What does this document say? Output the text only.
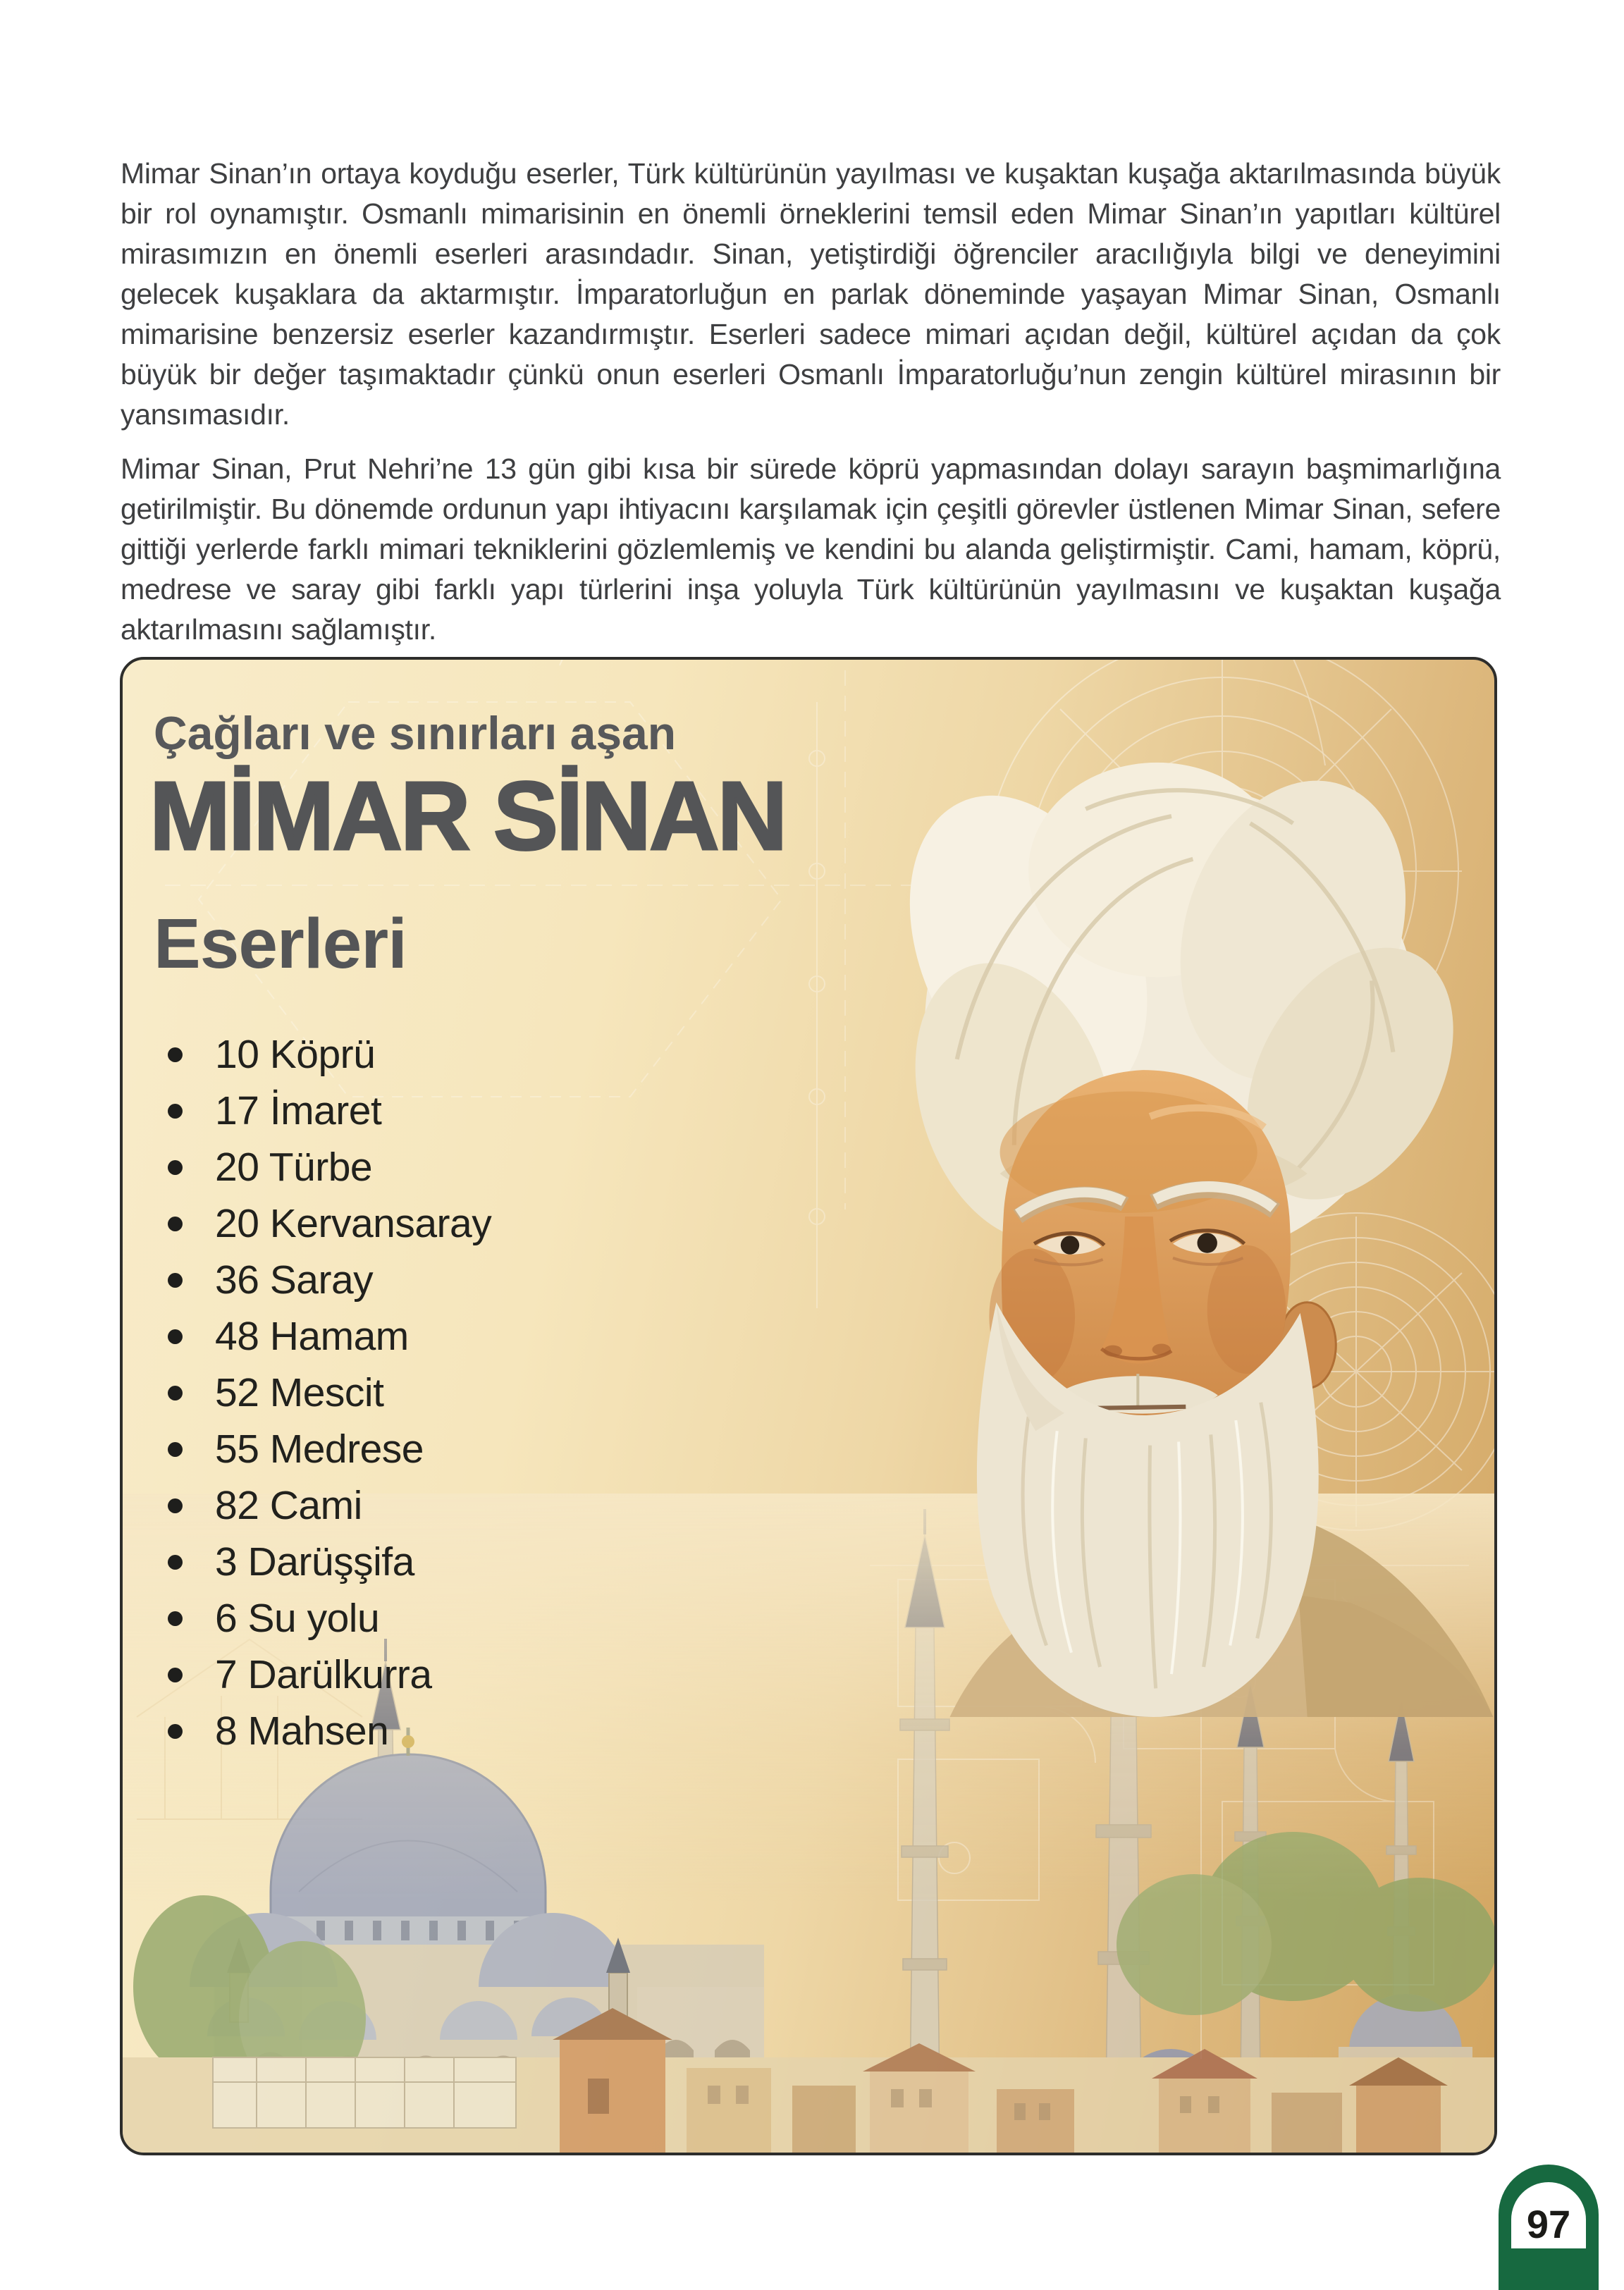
Mimar Sinan’ın ortaya koyduğu eserler, Türk kültürünün yayılması ve kuşaktan kuşağa aktarılmasında büyük bir rol oynamıştır. Osmanlı mimarisinin en önemli örneklerini temsil eden Mimar Sinan’ın yapıtları kültürel mirasımızın en önemli eserleri arasındadır. Sinan, yetiştirdiği öğrenciler aracılığıyla bilgi ve deneyimini gelecek kuşaklara da aktarmıştır. İmparatorluğun en parlak döneminde yaşayan Mimar Sinan, Osmanlı mimarisine benzersiz eserler kazandırmıştır. Eserleri sadece mimari açıdan değil, kültürel açıdan da çok büyük bir değer taşımaktadır çünkü onun eserleri Osmanlı İmparatorluğu’nun zengin kültürel mirasının bir yansımasıdır.

Mimar Sinan, Prut Nehri’ne 13 gün gibi kısa bir sürede köprü yapmasından dolayı sarayın başmimarlığına getirilmiştir. Bu dönemde ordunun yapı ihtiyacını karşılamak için çeşitli görevler üstlenen Mimar Sinan, sefere gittiği yerlerde farklı mimari tekniklerini gözlemlemiş ve kendini bu alanda geliştirmiştir. Cami, hamam, köprü, medrese ve saray gibi farklı yapı türlerini inşa yoluyla Türk kültürünün yayılmasını ve kuşaktan kuşağa aktarılmasını sağlamıştır.

Çağları ve sınırları aşan
MİMAR SİNAN
Eserleri
10 Köprü
17 İmaret
20 Türbe
20 Kervansaray
36 Saray
48 Hamam
52 Mescit
55 Medrese
82 Cami
3 Darüşşifa
6 Su yolu
7 Darülkurra
8 Mahsen
97
